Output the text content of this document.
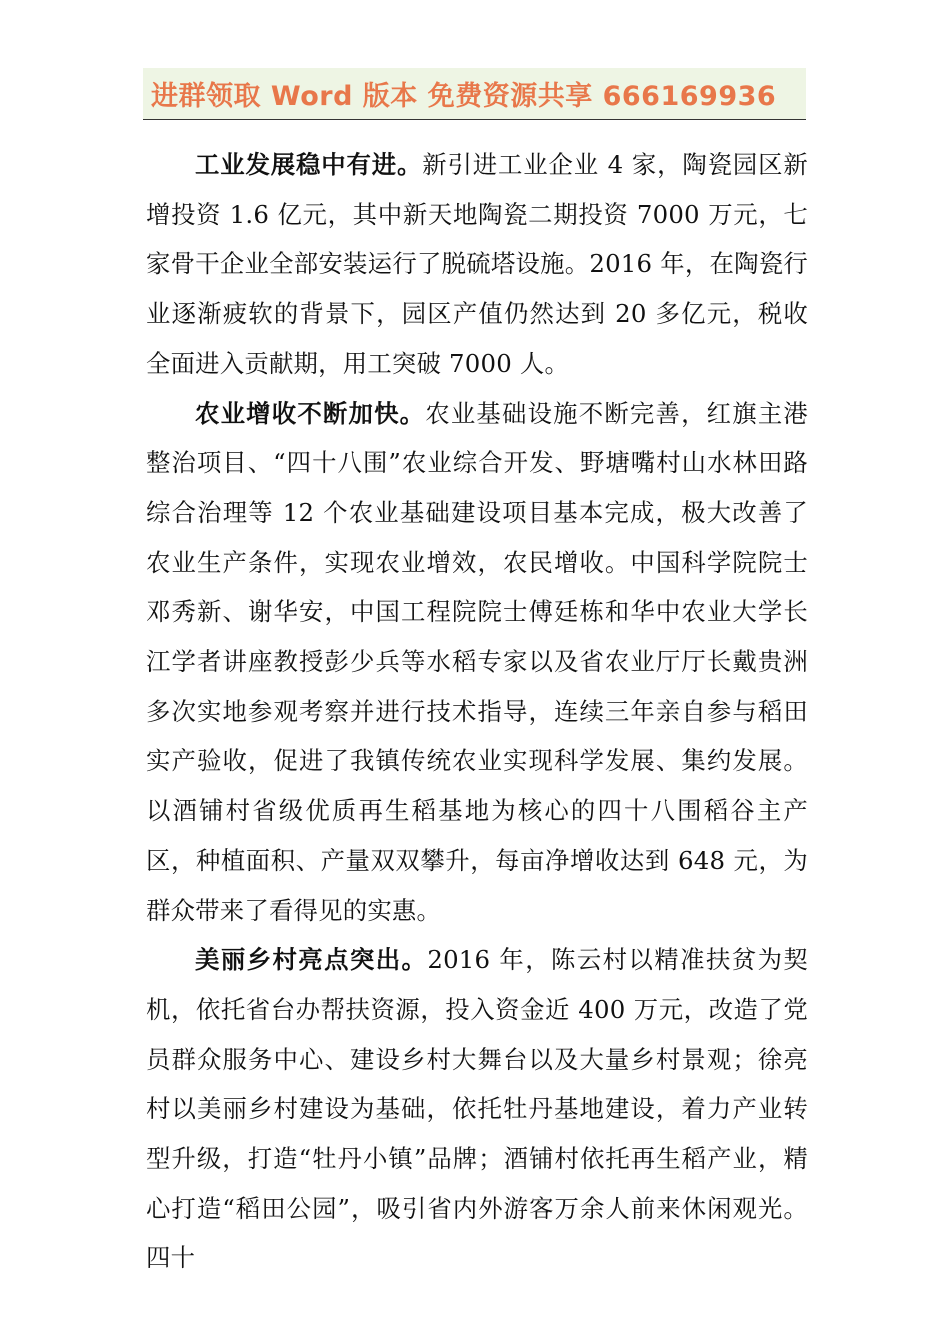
进群领取 Word 版本 免费资源共享 666169936

工业发展稳中有进。新引进工业企业 4 家，陶瓷园区新增投资 1.6 亿元，其中新天地陶瓷二期投资 7000 万元，七家骨干企业全部安装运行了脱硫塔设施。2016 年，在陶瓷行业逐渐疲软的背景下，园区产值仍然达到 20 多亿元，税收全面进入贡献期，用工突破 7000 人。

农业增收不断加快。农业基础设施不断完善，红旗主港整治项目、“四十八围”农业综合开发、野塘嘴村山水林田路综合治理等 12 个农业基础建设项目基本完成，极大改善了农业生产条件，实现农业增效，农民增收。中国科学院院士邓秀新、谢华安，中国工程院院士傅廷栋和华中农业大学长江学者讲座教授彭少兵等水稻专家以及省农业厅厅长戴贵洲多次实地参观考察并进行技术指导，连续三年亲自参与稻田实产验收，促进了我镇传统农业实现科学发展、集约发展。以酒铺村省级优质再生稻基地为核心的四十八围稻谷主产区，种植面积、产量双双攀升，每亩净增收达到 648 元，为群众带来了看得见的实惠。

美丽乡村亮点突出。2016 年，陈云村以精准扶贫为契机，依托省台办帮扶资源，投入资金近 400 万元，改造了党员群众服务中心、建设乡村大舞台以及大量乡村景观；徐亮村以美丽乡村建设为基础，依托牡丹基地建设，着力产业转型升级，打造“牡丹小镇”品牌；酒铺村依托再生稻产业，精心打造“稻田公园”，吸引省内外游客万余人前来休闲观光。四十
